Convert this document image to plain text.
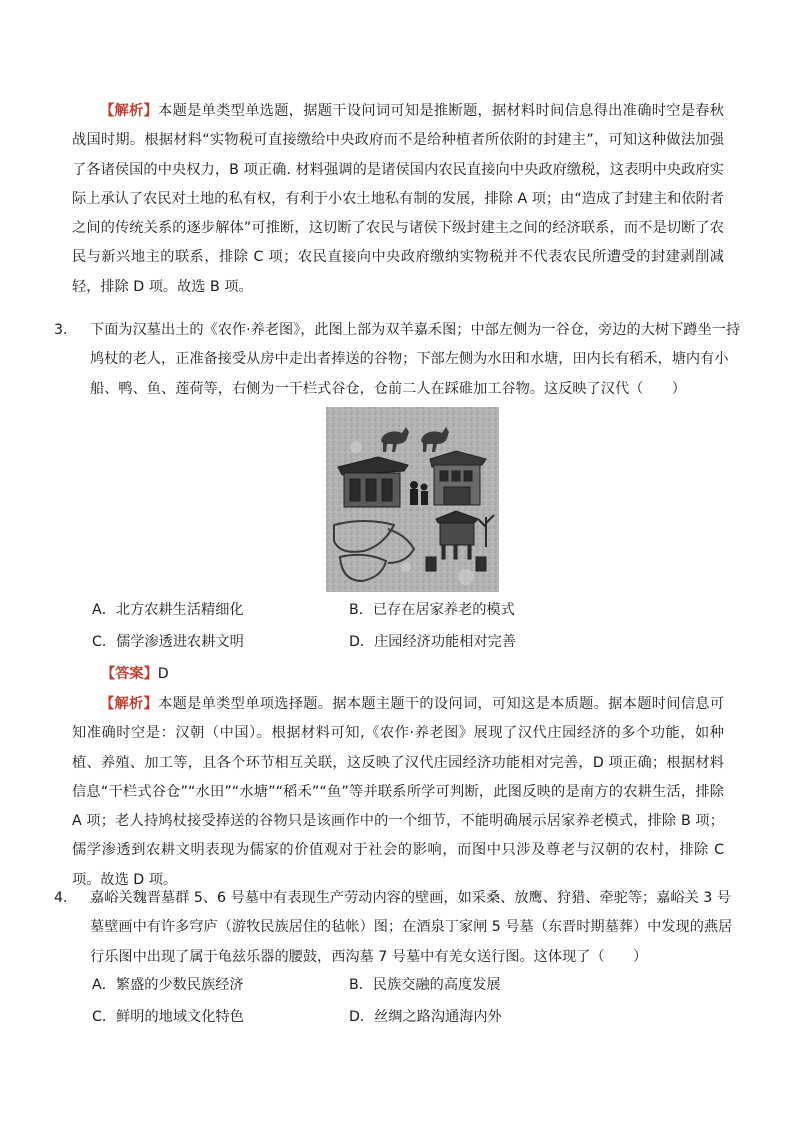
【解析】本题是单类型单选题，据题干设问词可知是推断题，据材料时间信息得出准确时空是春秋战国时期。根据材料“实物税可直接缴给中央政府而不是给种植者所依附的封建主”，可知这种做法加强了各诸侯国的中央权力，B 项正确. 材料强调的是诸侯国内农民直接向中央政府缴税，这表明中央政府实际上承认了农民对土地的私有权，有利于小农土地私有制的发展，排除 A 项；由“造成了封建主和依附者之间的传统关系的逐步解体”可推断，这切断了农民与诸侯下级封建主之间的经济联系，而不是切断了农民与新兴地主的联系，排除 C 项；农民直接向中央政府缴纳实物税并不代表农民所遭受的封建剥削减轻，排除 D 项。故选 B 项。

3． 下面为汉墓出土的《农作·养老图》，此图上部为双羊嘉禾图；中部左侧为一谷仓，旁边的大树下蹲坐一持鸠杖的老人，正准备接受从房中走出者捧送的谷物；下部左侧为水田和水塘，田内长有稻禾，塘内有小船、鸭、鱼、莲荷等，右侧为一干栏式谷仓，仓前二人在踩碓加工谷物。这反映了汉代（　　）
A．北方农耕生活精细化	B．已存在居家养老的模式
C．儒学渗透进农耕文明	D．庄园经济功能相对完善
【答案】D

【解析】本题是单类型单项选择题。据本题主题干的设问词，可知这是本质题。据本题时间信息可知准确时空是：汉朝（中国）。根据材料可知,《农作·养老图》展现了汉代庄园经济的多个功能，如种植、养殖、加工等，且各个环节相互关联，这反映了汉代庄园经济功能相对完善，D 项正确；根据材料信息“干栏式谷仓”“水田”“水塘”“稻禾”“鱼”等并联系所学可判断，此图反映的是南方的农耕生活，排除 A 项；老人持鸠杖接受捧送的谷物只是该画作中的一个细节，不能明确展示居家养老模式，排除 B 项；儒学渗透到农耕文明表现为儒家的价值观对于社会的影响，而图中只涉及尊老与汉朝的农村，排除 C 项。故选 D 项。

4． 嘉峪关魏晋墓群 5、6 号墓中有表现生产劳动内容的壁画，如采桑、放鹰、狩猎、牵驼等；嘉峪关 3 号墓壁画中有许多穹庐（游牧民族居住的毡帐）图；在酒泉丁家闸 5 号墓（东晋时期墓葬）中发现的燕居行乐图中出现了属于龟兹乐器的腰鼓，西沟墓 7 号墓中有羌女送行图。这体现了（　　）
A．繁盛的少数民族经济	B．民族交融的高度发展
C．鲜明的地域文化特色	D．丝绸之路沟通海内外
